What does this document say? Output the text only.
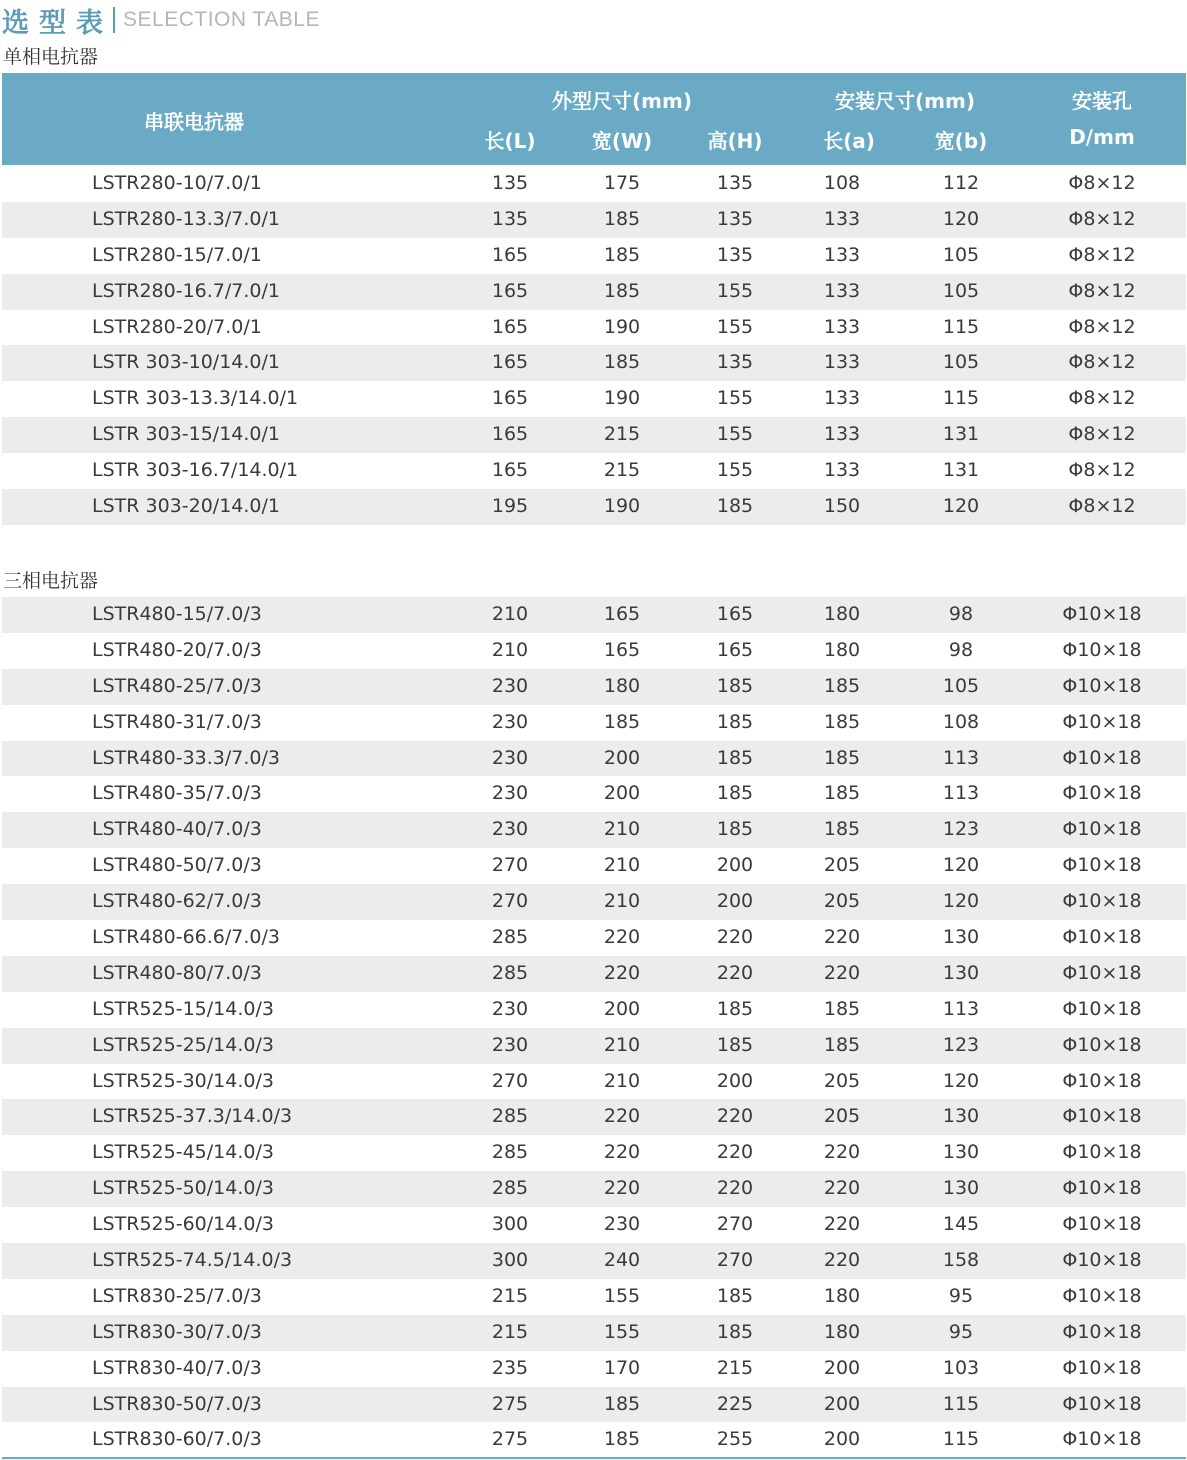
选型表 SELECTION TABLE
单相电抗器
串联电抗器
外型尺寸(mm)	安装尺寸(mm)	安装孔
长(L)	宽(W)	高(H)	长(a)	宽(b)	D/mm
LSTR280-10/7.0/1	135	175	135	108	112	Φ8×12
LSTR280-13.3/7.0/1	135	185	135	133	120	Φ8×12
LSTR280-15/7.0/1	165	185	135	133	105	Φ8×12
LSTR280-16.7/7.0/1	165	185	155	133	105	Φ8×12
LSTR280-20/7.0/1	165	190	155	133	115	Φ8×12
LSTR 303-10/14.0/1	165	185	135	133	105	Φ8×12
LSTR 303-13.3/14.0/1	165	190	155	133	115	Φ8×12
LSTR 303-15/14.0/1	165	215	155	133	131	Φ8×12
LSTR 303-16.7/14.0/1	165	215	155	133	131	Φ8×12
LSTR 303-20/14.0/1	195	190	185	150	120	Φ8×12
三相电抗器
LSTR480-15/7.0/3	210	165	165	180	98	Φ10×18
LSTR480-20/7.0/3	210	165	165	180	98	Φ10×18
LSTR480-25/7.0/3	230	180	185	185	105	Φ10×18
LSTR480-31/7.0/3	230	185	185	185	108	Φ10×18
LSTR480-33.3/7.0/3	230	200	185	185	113	Φ10×18
LSTR480-35/7.0/3	230	200	185	185	113	Φ10×18
LSTR480-40/7.0/3	230	210	185	185	123	Φ10×18
LSTR480-50/7.0/3	270	210	200	205	120	Φ10×18
LSTR480-62/7.0/3	270	210	200	205	120	Φ10×18
LSTR480-66.6/7.0/3	285	220	220	220	130	Φ10×18
LSTR480-80/7.0/3	285	220	220	220	130	Φ10×18
LSTR525-15/14.0/3	230	200	185	185	113	Φ10×18
LSTR525-25/14.0/3	230	210	185	185	123	Φ10×18
LSTR525-30/14.0/3	270	210	200	205	120	Φ10×18
LSTR525-37.3/14.0/3	285	220	220	205	130	Φ10×18
LSTR525-45/14.0/3	285	220	220	220	130	Φ10×18
LSTR525-50/14.0/3	285	220	220	220	130	Φ10×18
LSTR525-60/14.0/3	300	230	270	220	145	Φ10×18
LSTR525-74.5/14.0/3	300	240	270	220	158	Φ10×18
LSTR830-25/7.0/3	215	155	185	180	95	Φ10×18
LSTR830-30/7.0/3	215	155	185	180	95	Φ10×18
LSTR830-40/7.0/3	235	170	215	200	103	Φ10×18
LSTR830-50/7.0/3	275	185	225	200	115	Φ10×18
LSTR830-60/7.0/3	275	185	255	200	115	Φ10×18
